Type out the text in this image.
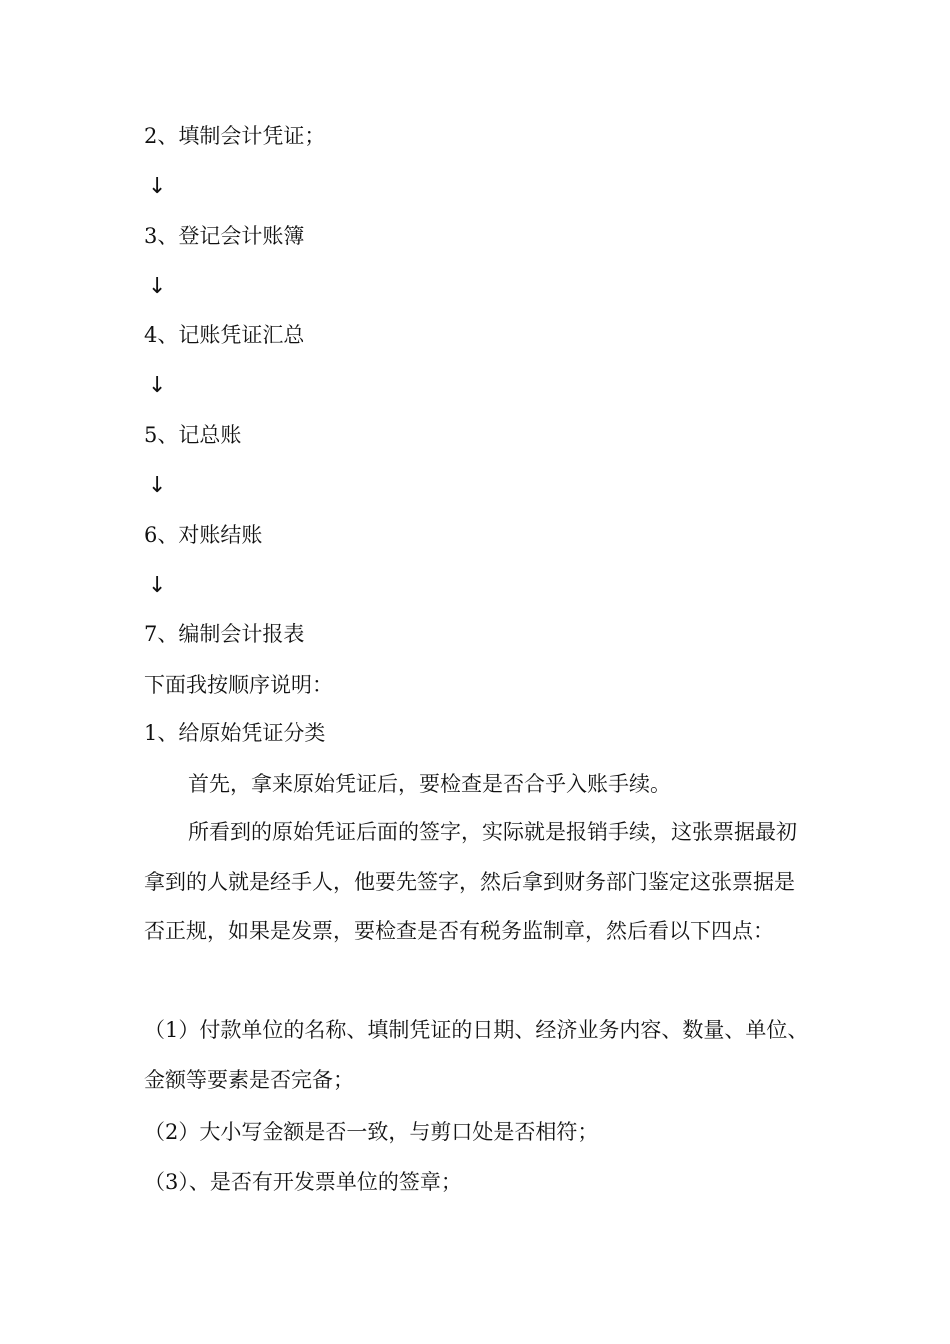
2、填制会计凭证；
↓
3、登记会计账簿
↓
4、记账凭证汇总
↓
5、记总账
↓
6、对账结账
↓
7、编制会计报表
下面我按顺序说明：
1、给原始凭证分类
首先，拿来原始凭证后，要检查是否合乎入账手续。
所看到的原始凭证后面的签字，实际就是报销手续，这张票据最初拿到的人就是经手人，他要先签字，然后拿到财务部门鉴定这张票据是否正规，如果是发票，要检查是否有税务监制章，然后看以下四点：
（1）付款单位的名称、填制凭证的日期、经济业务内容、数量、单位、金额等要素是否完备；
（2）大小写金额是否一致，与剪口处是否相符；
（3）、是否有开发票单位的签章；
